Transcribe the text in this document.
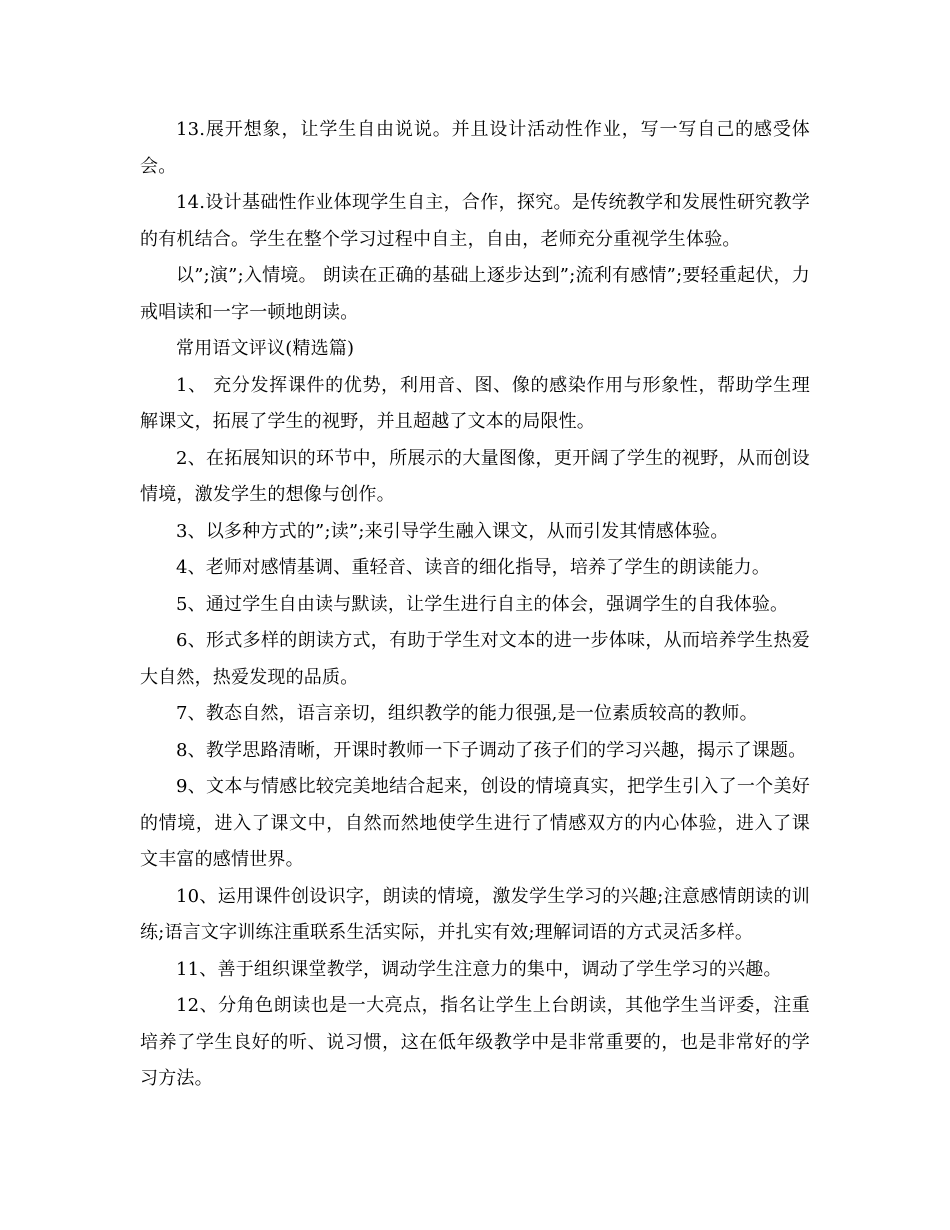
13.展开想象，让学生自由说说。并且设计活动性作业，写一写自己的感受体会。

14.设计基础性作业体现学生自主，合作，探究。是传统教学和发展性研究教学的有机结合。学生在整个学习过程中自主，自由，老师充分重视学生体验。

以”;演”;入情境。 朗读在正确的基础上逐步达到”;流利有感情”;要轻重起伏，力戒唱读和一字一顿地朗读。

常用语文评议(精选篇)

1、 充分发挥课件的优势，利用音、图、像的感染作用与形象性，帮助学生理解课文，拓展了学生的视野，并且超越了文本的局限性。

2、在拓展知识的环节中，所展示的大量图像，更开阔了学生的视野，从而创设情境，激发学生的想像与创作。

3、以多种方式的”;读”;来引导学生融入课文，从而引发其情感体验。

4、老师对感情基调、重轻音、读音的细化指导，培养了学生的朗读能力。

5、通过学生自由读与默读，让学生进行自主的体会，强调学生的自我体验。

6、形式多样的朗读方式，有助于学生对文本的进一步体味，从而培养学生热爱大自然，热爱发现的品质。

7、教态自然，语言亲切，组织教学的能力很强,是一位素质较高的教师。

8、教学思路清晰，开课时教师一下子调动了孩子们的学习兴趣，揭示了课题。

9、文本与情感比较完美地结合起来，创设的情境真实，把学生引入了一个美好的情境，进入了课文中，自然而然地使学生进行了情感双方的内心体验，进入了课文丰富的感情世界。

10、运用课件创设识字，朗读的情境，激发学生学习的兴趣;注意感情朗读的训练;语言文字训练注重联系生活实际，并扎实有效;理解词语的方式灵活多样。

11、善于组织课堂教学，调动学生注意力的集中，调动了学生学习的兴趣。

12、分角色朗读也是一大亮点，指名让学生上台朗读，其他学生当评委，注重培养了学生良好的听、说习惯，这在低年级教学中是非常重要的，也是非常好的学习方法。
